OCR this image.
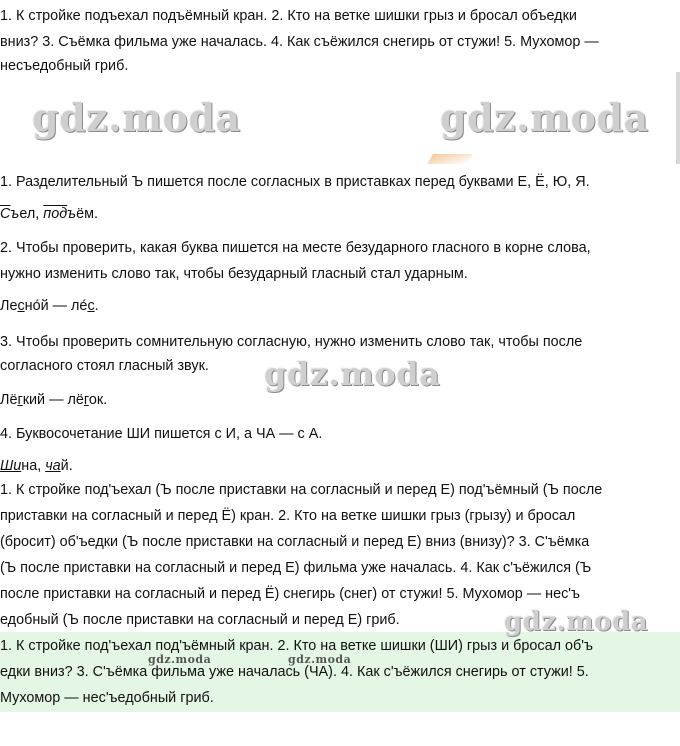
1. К стройке подъехал подъёмный кран. 2. Кто на ветке шишки грыз и бросал объедки

вниз? 3. Съёмка фильма уже началась. 4. Как съёжился снегирь от стужи! 5. Мухомор —

несъедобный гриб.

gdz.moda	gdz.moda
gdz.moda
gdz.moda
gdz.moda	gdz.moda

1. Разделительный Ъ пишется после согласных в приставках перед буквами Е, Ё, Ю, Я.

Съел, подъём.

2. Чтобы проверить, какая буква пишется на месте безударного гласного в корне слова,

нужно изменить слово так, чтобы безударный гласный стал ударным.

Лесно́й — ле́с.

3. Чтобы проверить сомнительную согласную, нужно изменить слово так, чтобы после

согласного стоял гласный звук.

Лёгкий — лёгок.

4. Буквосочетание ШИ пишется с И, а ЧА — с А.

Шина, чай.

1. К стройке под'ъехал (Ъ после приставки на согласный и перед Е) под'ъёмный (Ъ после

приставки на согласный и перед Ё) кран. 2. Кто на ветке шишки грыз (грызу) и бросал

(бросит) об'ъедки (Ъ после приставки на согласный и перед Е) вниз (внизу)? 3. С'ъёмка

(Ъ после приставки на согласный и перед Е) фильма уже началась. 4. Как с'ъёжился (Ъ

после приставки на согласный и перед Ё) снегирь (снег) от стужи! 5. Мухомор — нес'ъ

едобный (Ъ после приставки на согласный и перед Е) гриб.

1. К стройке под'ъехал под'ъёмный кран. 2. Кто на ветке шишки (ШИ) грыз и бросал об'ъ

едки вниз? 3. С'ъёмка фильма уже началась (ЧА). 4. Как с'ъёжился снегирь от стужи! 5.

Мухомор — нес'ъедобный гриб.
